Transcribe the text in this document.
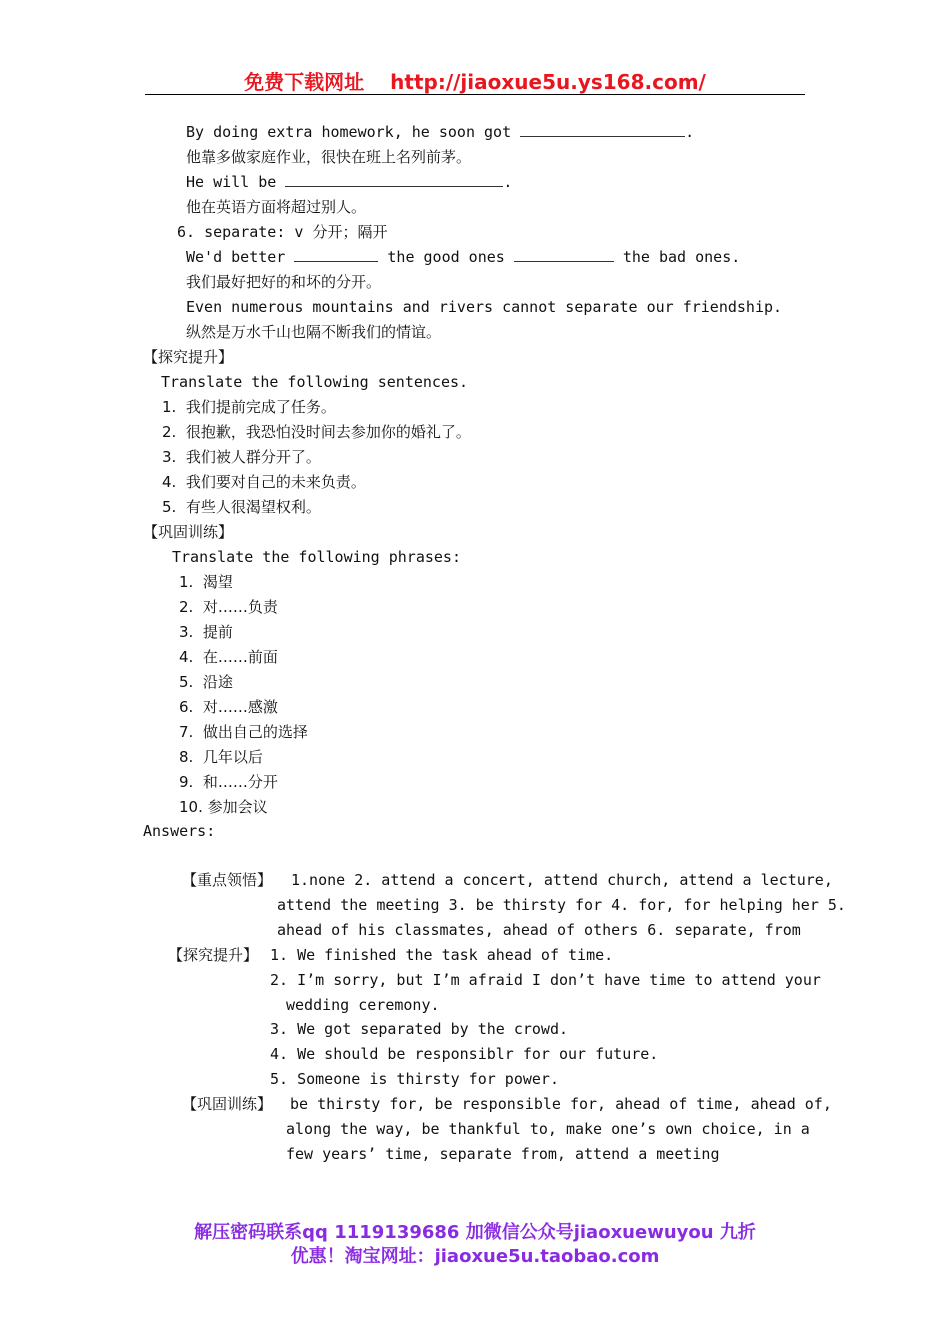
免费下载网址 http://jiaoxue5u.ys168.com/
By doing extra homework, he soon got	.
他靠多做家庭作业，很快在班上名列前茅。
He will be	.
他在英语方面将超过别人。
6. separate: v 分开；隔开
We'd better	the good ones	the bad ones.
我们最好把好的和坏的分开。
Even numerous mountains and rivers cannot separate our friendship.
纵然是万水千山也隔不断我们的情谊。
【探究提升】
Translate the following sentences.
1.  我们提前完成了任务。
2.  很抱歉，我恐怕没时间去参加你的婚礼了。
3.  我们被人群分开了。
4.  我们要对自己的未来负责。
5.  有些人很渴望权利。
【巩固训练】
Translate the following phrases:
1.  渴望
2.  对……负责
3.  提前
4.  在……前面
5.  沿途
6.  对……感激
7.  做出自己的选择
8.  几年以后
9.  和……分开
10. 参加会议
Answers:
【重点领悟】 1.none 2. attend a concert, attend church, attend a lecture,
attend the meeting 3. be thirsty for 4. for, for helping her 5.
ahead of his classmates, ahead of others 6. separate, from
【探究提升】 1. We finished the task ahead of time.
2. I’m sorry, but I’m afraid I don’t have time to attend your
wedding ceremony.
3. We got separated by the crowd.
4. We should be responsiblr for our future.
5. Someone is thirsty for power.
【巩固训练】 be thirsty for, be responsible for, ahead of time, ahead of,
along the way, be thankful to, make one’s own choice, in a
few years’ time, separate from, attend a meeting
解压密码联系qq 1119139686 加微信公众号jiaoxuewuyou 九折
优惠！淘宝网址：jiaoxue5u.taobao.com
